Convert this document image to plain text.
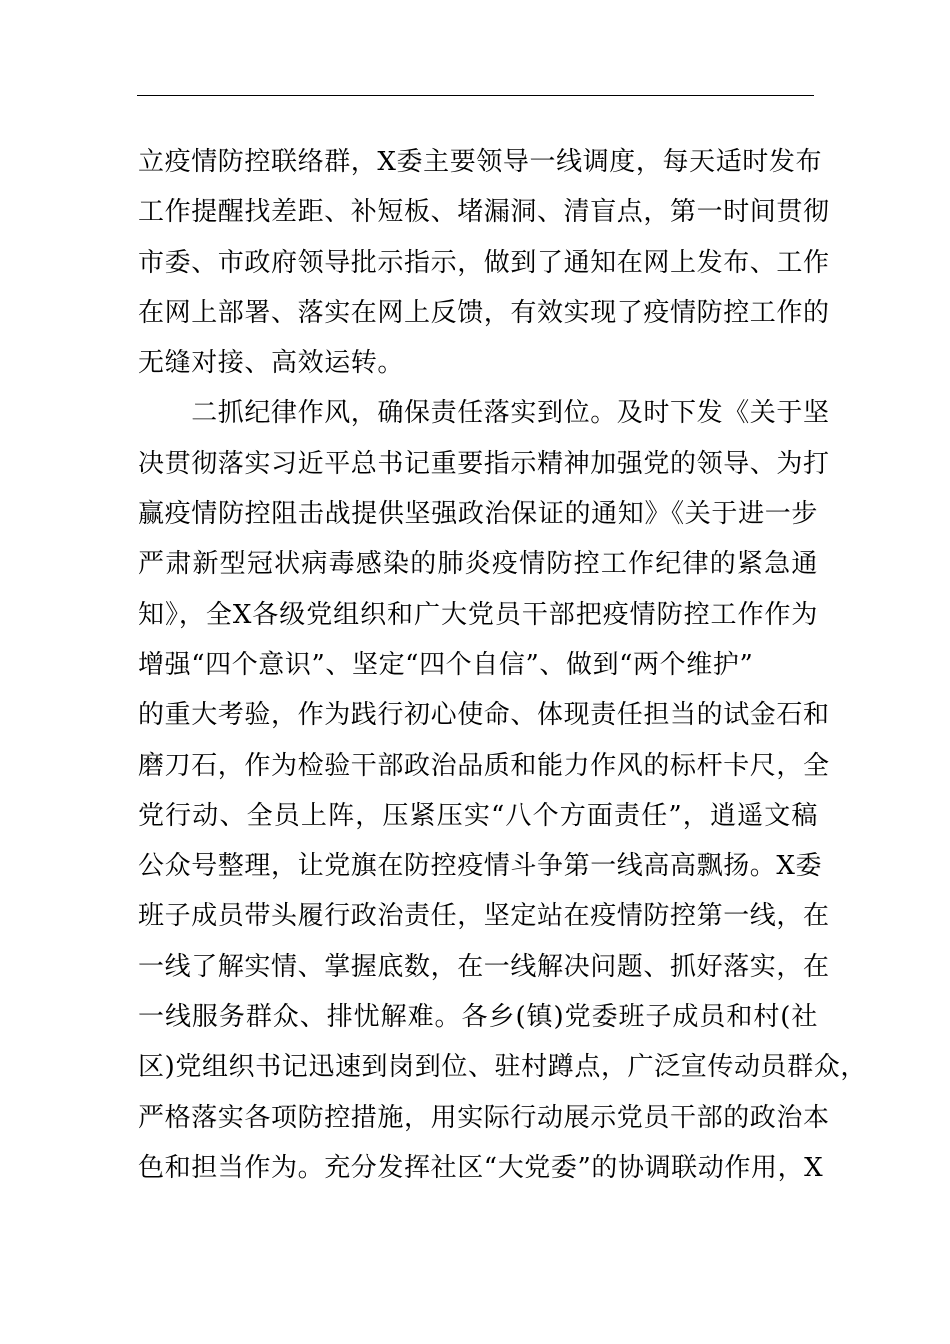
立疫情防控联络群，X委主要领导一线调度，每天适时发布
工作提醒找差距、补短板、堵漏洞、清盲点，第一时间贯彻
市委、市政府领导批示指示，做到了通知在网上发布、工作
在网上部署、落实在网上反馈，有效实现了疫情防控工作的
无缝对接、高效运转。
　　二抓纪律作风，确保责任落实到位。及时下发《关于坚
决贯彻落实习近平总书记重要指示精神加强党的领导、为打
赢疫情防控阻击战提供坚强政治保证的通知》《关于进一步
严肃新型冠状病毒感染的肺炎疫情防控工作纪律的紧急通
知》，全X各级党组织和广大党员干部把疫情防控工作作为
增强“四个意识”、坚定“四个自信”、做到“两个维护”
的重大考验，作为践行初心使命、体现责任担当的试金石和
磨刀石，作为检验干部政治品质和能力作风的标杆卡尺，全
党行动、全员上阵，压紧压实“八个方面责任”，逍遥文稿
公众号整理，让党旗在防控疫情斗争第一线高高飘扬。X委
班子成员带头履行政治责任，坚定站在疫情防控第一线，在
一线了解实情、掌握底数，在一线解决问题、抓好落实，在
一线服务群众、排忧解难。各乡(镇)党委班子成员和村(社
区)党组织书记迅速到岗到位、驻村蹲点，广泛宣传动员群众，
严格落实各项防控措施，用实际行动展示党员干部的政治本
色和担当作为。充分发挥社区“大党委”的协调联动作用，X
